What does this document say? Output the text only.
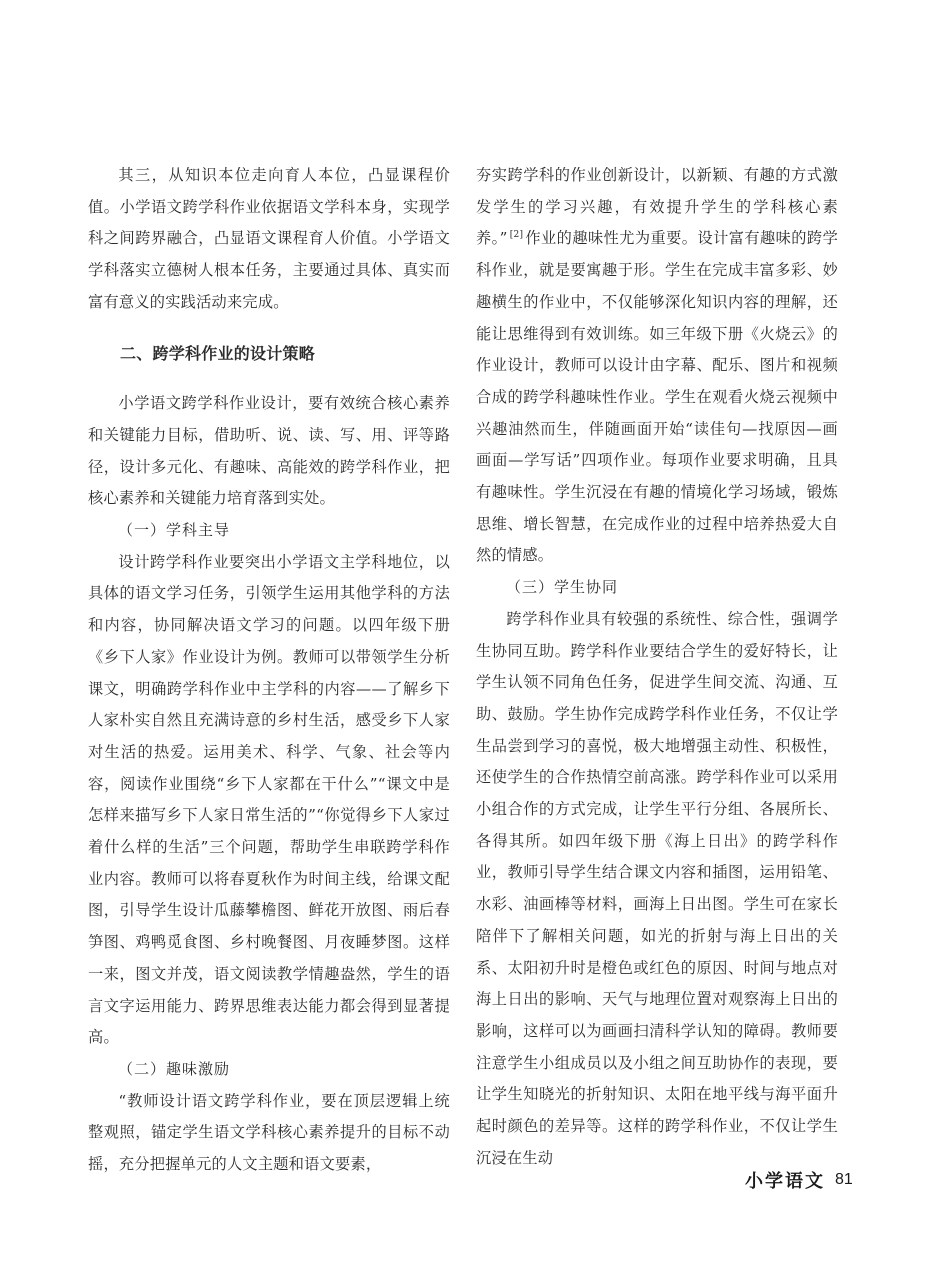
其三，从知识本位走向育人本位，凸显课程价值。小学语文跨学科作业依据语文学科本身，实现学科之间跨界融合，凸显语文课程育人价值。小学语文学科落实立德树人根本任务，主要通过具体、真实而富有意义的实践活动来完成。

二、跨学科作业的设计策略

小学语文跨学科作业设计，要有效统合核心素养和关键能力目标，借助听、说、读、写、用、评等路径，设计多元化、有趣味、高能效的跨学科作业，把核心素养和关键能力培育落到实处。

（一）学科主导

设计跨学科作业要突出小学语文主学科地位，以具体的语文学习任务，引领学生运用其他学科的方法和内容，协同解决语文学习的问题。以四年级下册《乡下人家》作业设计为例。教师可以带领学生分析课文，明确跨学科作业中主学科的内容——了解乡下人家朴实自然且充满诗意的乡村生活，感受乡下人家对生活的热爱。运用美术、科学、气象、社会等内容，阅读作业围绕“乡下人家都在干什么”“课文中是怎样来描写乡下人家日常生活的”“你觉得乡下人家过着什么样的生活”三个问题，帮助学生串联跨学科作业内容。教师可以将春夏秋作为时间主线，给课文配图，引导学生设计瓜藤攀檐图、鲜花开放图、雨后春笋图、鸡鸭觅食图、乡村晚餐图、月夜睡梦图。这样一来，图文并茂，语文阅读教学情趣盎然，学生的语言文字运用能力、跨界思维表达能力都会得到显著提高。

（二）趣味激励

“教师设计语文跨学科作业，要在顶层逻辑上统整观照，锚定学生语文学科核心素养提升的目标不动摇，充分把握单元的人文主题和语文要素，

夯实跨学科的作业创新设计，以新颖、有趣的方式激发学生的学习兴趣，有效提升学生的学科核心素养。” [2] 作业的趣味性尤为重要。设计富有趣味的跨学科作业，就是要寓趣于形。学生在完成丰富多彩、妙趣横生的作业中，不仅能够深化知识内容的理解，还能让思维得到有效训练。如三年级下册《火烧云》的作业设计，教师可以设计由字幕、配乐、图片和视频合成的跨学科趣味性作业。学生在观看火烧云视频中兴趣油然而生，伴随画面开始“读佳句—找原因—画画面—学写话”四项作业。每项作业要求明确，且具有趣味性。学生沉浸在有趣的情境化学习场域，锻炼思维、增长智慧，在完成作业的过程中培养热爱大自然的情感。

（三）学生协同

跨学科作业具有较强的系统性、综合性，强调学生协同互助。跨学科作业要结合学生的爱好特长，让学生认领不同角色任务，促进学生间交流、沟通、互助、鼓励。学生协作完成跨学科作业任务，不仅让学生品尝到学习的喜悦，极大地增强主动性、积极性，还使学生的合作热情空前高涨。跨学科作业可以采用小组合作的方式完成，让学生平行分组、各展所长、各得其所。如四年级下册《海上日出》的跨学科作业，教师引导学生结合课文内容和插图，运用铅笔、水彩、油画棒等材料，画海上日出图。学生可在家长陪伴下了解相关问题，如光的折射与海上日出的关系、太阳初升时是橙色或红色的原因、时间与地点对海上日出的影响、天气与地理位置对观察海上日出的影响，这样可以为画画扫清科学认知的障碍。教师要注意学生小组成员以及小组之间互助协作的表现，要让学生知晓光的折射知识、太阳在地平线与海平面升起时颜色的差异等。这样的跨学科作业，不仅让学生沉浸在生动

小学语文 81
